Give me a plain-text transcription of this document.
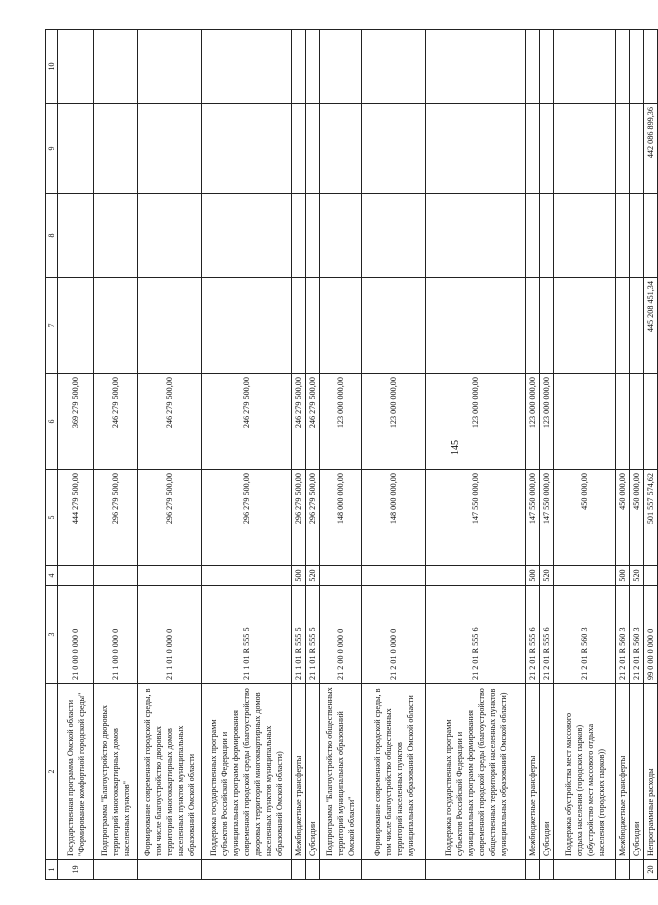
145
1	2	3	4	5	6	7	8	9	10
19	Государственная программа Омской области "Формирование комфортной городской среды"	21 0 00 0 000 0		444 279 500,00	369 279 500,00				
	Подпрограмма "Благоустройство дворовых территорий многоквартирных домов населенных пунктов"	21 1 00 0 000 0		296 279 500,00	246 279 500,00				
	Формирование современной городской среды, в том числе благоустройство дворовых территорий многоквартирных домов населенных пунктов муниципальных образований Омской области	21 1 01 0 000 0		296 279 500,00	246 279 500,00				
	Поддержка государственных программ субъектов Российской Федерации и муниципальных программ формирования современной городской среды (благоустройство дворовых территорий многоквартирных домов населенных пунктов муниципальных образований Омской области)	21 1 01 R 555 5		296 279 500,00	246 279 500,00				
	Межбюджетные трансферты	21 1 01 R 555 5	500	296 279 500,00	246 279 500,00				
	Субсидии	21 1 01 R 555 5	520	296 279 500,00	246 279 500,00				
	Подпрограмма "Благоустройство общественных территорий муниципальных образований Омской области"	21 2 00 0 000 0		148 000 000,00	123 000 000,00				
	Формирование современной городской среды, в том числе благоустройство общественных территорий населенных пунктов муниципальных образований Омской области	21 2 01 0 000 0		148 000 000,00	123 000 000,00				
	Поддержка государственных программ субъектов Российской Федерации и муниципальных программ формирования современной городской среды (благоустройство общественных территорий населенных пунктов муниципальных образований Омской области)	21 2 01 R 555 6		147 550 000,00	123 000 000,00				
	Межбюджетные трансферты	21 2 01 R 555 6	500	147 550 000,00	123 000 000,00				
	Субсидии	21 2 01 R 555 6	520	147 550 000,00	123 000 000,00				
	Поддержка обустройства мест массового отдыха населения (городских парков) (обустройство мест массового отдыха населения (городских парков))	21 2 01 R 560 3		450 000,00					
	Межбюджетные трансферты	21 2 01 R 560 3	500	450 000,00					
	Субсидии	21 2 01 R 560 3	520	450 000,00					
20	Непрограммные расходы	99 0 00 0 000 0		501 557 574,62		445 208 451,34		442 086 899,36	
